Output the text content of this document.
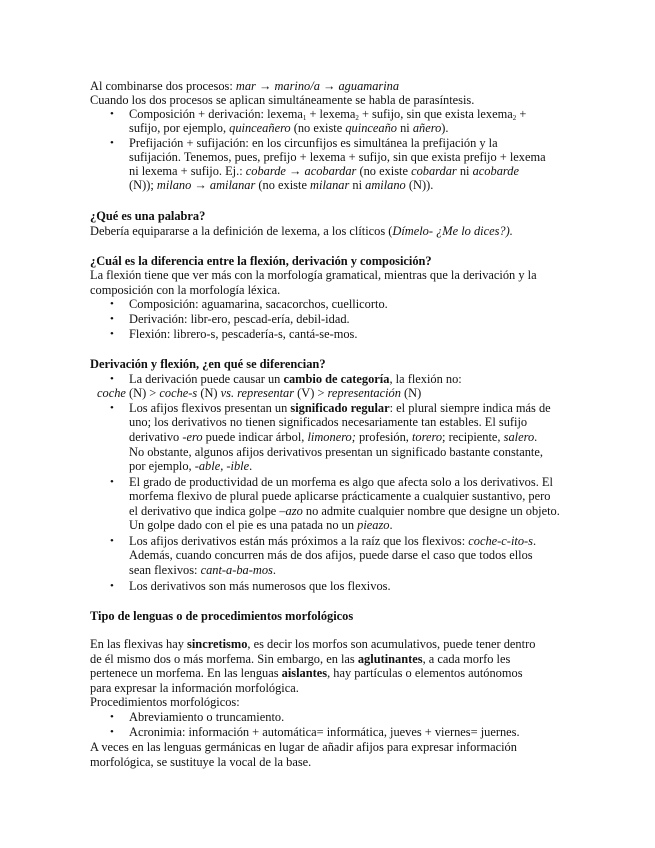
Al combinarse dos procesos: mar → marino/a → aguamarina
Cuando los dos procesos se aplican simultáneamente se habla de parasíntesis.
• Composición + derivación: lexema$_1$ + lexema$_2$ + sufijo, sin que exista lexema$_2$ +
sufijo, por ejemplo, quinceañero (no existe quinceaño ni añero).
• Prefijación + sufijación: en los circunfijos es simultánea la prefijación y la
sufijación. Tenemos, pues, prefijo + lexema + sufijo, sin que exista prefijo + lexema
ni lexema + sufijo. Ej.: cobarde → acobardar (no existe cobardar ni acobarde
(N)); milano → amilanar (no existe milanar ni amilano (N)).
¿Qué es una palabra?
Debería equipararse a la definición de lexema, a los clíticos (Dímelo- ¿Me lo dices?).
¿Cuál es la diferencia entre la flexión, derivación y composición?
La flexión tiene que ver más con la morfología gramatical, mientras que la derivación y la
composición con la morfología léxica.
• Composición: aguamarina, sacacorchos, cuellicorto.
• Derivación: libr-ero, pescad-ería, debil-idad.
• Flexión: librero-s, pescadería-s, cantá-se-mos.
Derivación y flexión, ¿en qué se diferencian?
• La derivación puede causar un cambio de categoría, la flexión no:
coche (N) > coche-s (N) vs. representar (V) > representación (N)
• Los afijos flexivos presentan un significado regular: el plural siempre indica más de
uno; los derivativos no tienen significados necesariamente tan estables. El sufijo
derivativo -ero puede indicar árbol, limonero; profesión, torero; recipiente, salero.
No obstante, algunos afijos derivativos presentan un significado bastante constante,
por ejemplo, -able, -ible.
• El grado de productividad de un morfema es algo que afecta solo a los derivativos. El
morfema flexivo de plural puede aplicarse prácticamente a cualquier sustantivo, pero
el derivativo que indica golpe –azo no admite cualquier nombre que designe un objeto.
Un golpe dado con el pie es una patada no un pieazo.
• Los afijos derivativos están más próximos a la raíz que los flexivos: coche-c-ito-s.
Además, cuando concurren más de dos afijos, puede darse el caso que todos ellos
sean flexivos: cant-a-ba-mos.
• Los derivativos son más numerosos que los flexivos.
Tipo de lenguas o de procedimientos morfológicos
En las flexivas hay sincretismo, es decir los morfos son acumulativos, puede tener dentro
de él mismo dos o más morfema. Sin embargo, en las aglutinantes, a cada morfo les
pertenece un morfema. En las lenguas aislantes, hay partículas o elementos autónomos
para expresar la información morfológica.
Procedimientos morfológicos:
• Abreviamiento o truncamiento.
• Acronimia: información + automática= informática, jueves + viernes= juernes.
A veces en las lenguas germánicas en lugar de añadir afijos para expresar información
morfológica, se sustituye la vocal de la base.
